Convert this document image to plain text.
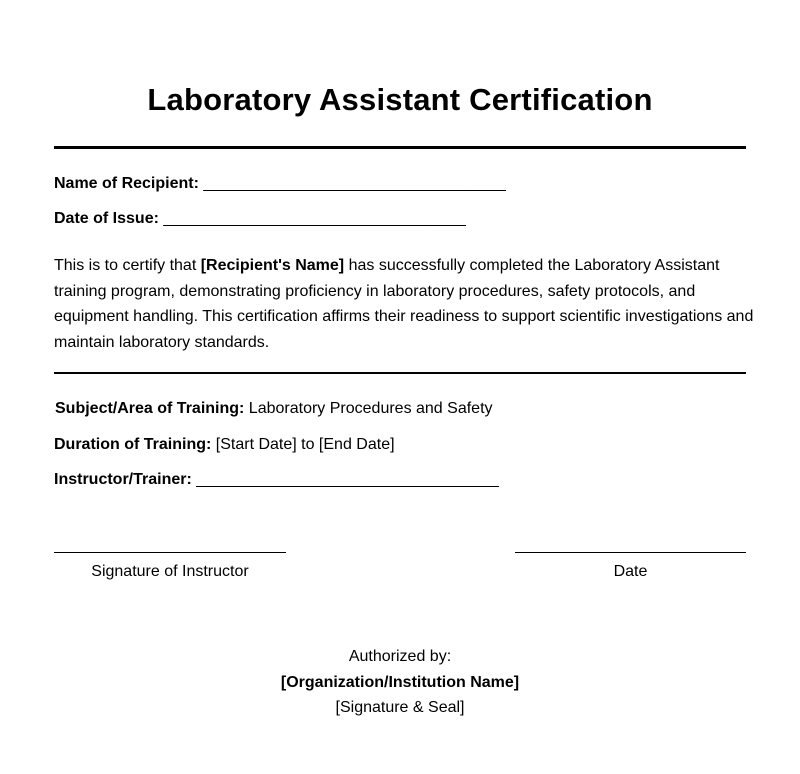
Laboratory Assistant Certification
Name of Recipient: __________________________________
Date of Issue: __________________________________
This is to certify that [Recipient's Name] has successfully completed the Laboratory Assistant training program, demonstrating proficiency in laboratory procedures, safety protocols, and equipment handling. This certification affirms their readiness to support scientific investigations and maintain laboratory standards.
Subject/Area of Training: Laboratory Procedures and Safety
Duration of Training: [Start Date] to [End Date]
Instructor/Trainer: __________________________________
Signature of Instructor	Date
Authorized by:
[Organization/Institution Name]
[Signature & Seal]
